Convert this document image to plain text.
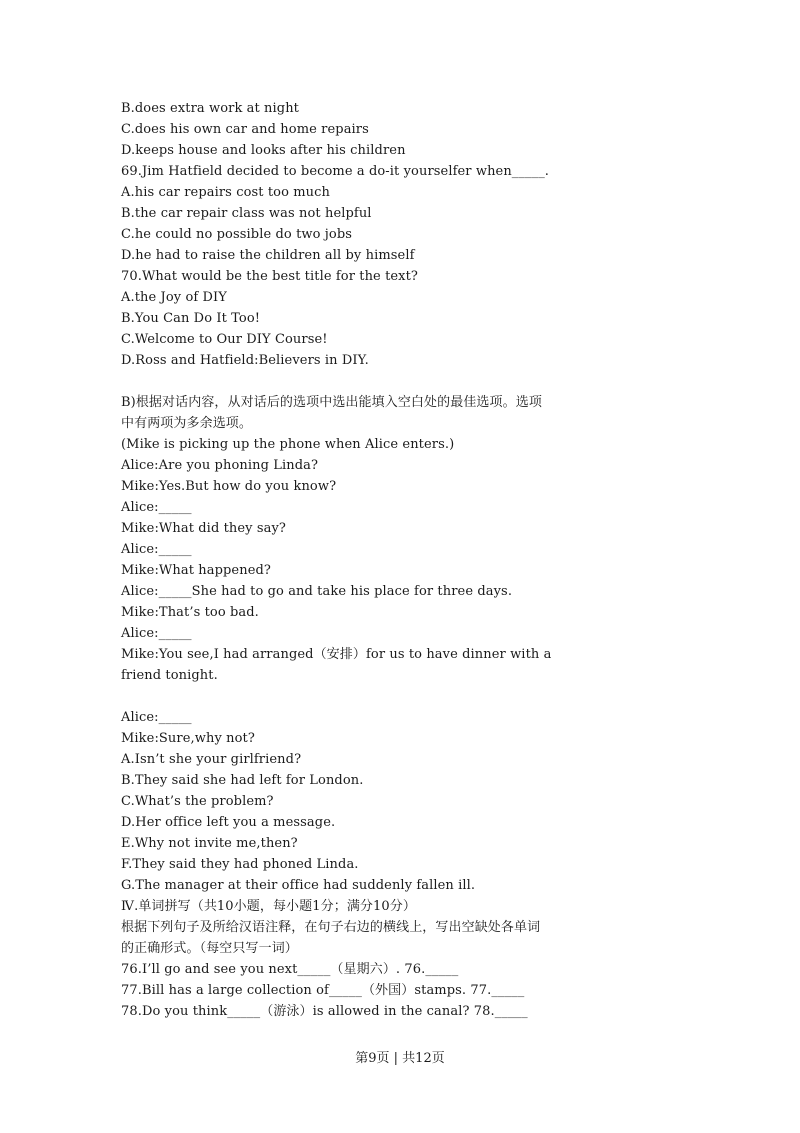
B.does extra work at night
C.does his own car and home repairs
D.keeps house and looks after his children
69.Jim Hatfield decided to become a do-it yourselfer when_____.
A.his car repairs cost too much
B.the car repair class was not helpful
C.he could no possible do two jobs
D.he had to raise the children all by himself
70.What would be the best title for the text?
A.the Joy of DIY
B.You Can Do It Too!
C.Welcome to Our DIY Course!
D.Ross and Hatfield:Believers in DIY.
B)根据对话内容，从对话后的选项中选出能填入空白处的最佳选项。选项
中有两项为多余选项。
(Mike is picking up the phone when Alice enters.)
Alice:Are you phoning Linda?
Mike:Yes.But how do you know?
Alice:_____
Mike:What did they say?
Alice:_____
Mike:What happened?
Alice:_____She had to go and take his place for three days.
Mike:That’s too bad.
Alice:_____
Mike:You see,I had arranged（安排）for us to have dinner with a
friend tonight.
Alice:_____
Mike:Sure,why not?
A.Isn’t she your girlfriend?
B.They said she had left for London.
C.What’s the problem?
D.Her office left you a message.
E.Why not invite me,then?
F.They said they had phoned Linda.
G.The manager at their office had suddenly fallen ill.
Ⅳ.单词拼写（共10小题，每小题1分；满分10分）
根据下列句子及所给汉语注释，在句子右边的横线上，写出空缺处各单词
的正确形式。（每空只写一词）
76.I’ll go and see you next_____（星期六）. 76._____
77.Bill has a large collection of_____（外国）stamps. 77._____
78.Do you think_____（游泳）is allowed in the canal? 78._____
第9页 | 共12页
